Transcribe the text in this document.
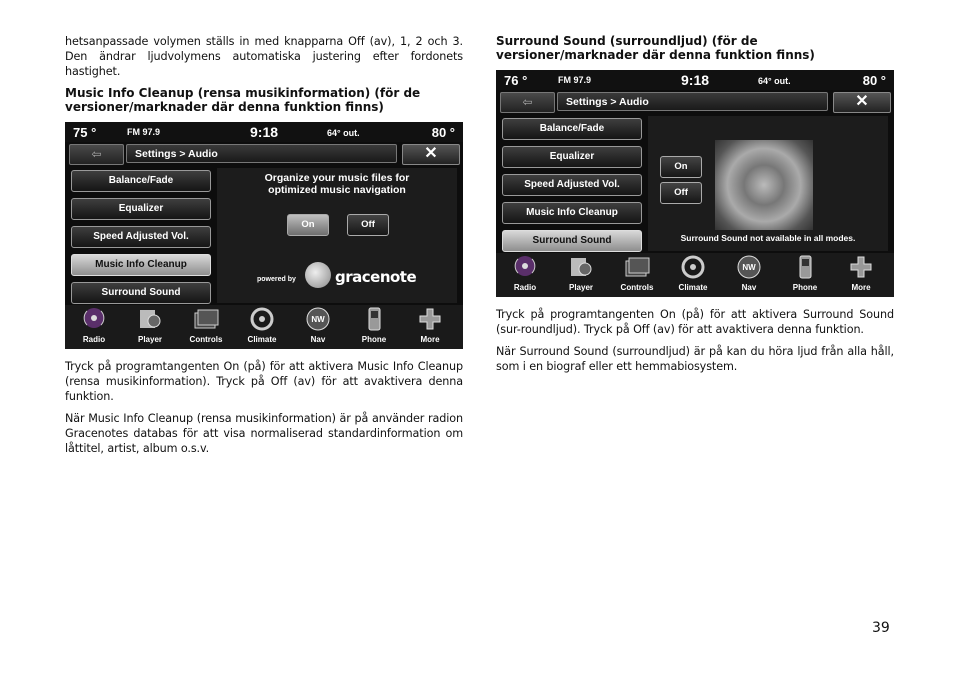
hetsanpassade volymen ställs in med knapparna Off (av), 1, 2 och 3. Den ändrar ljudvolymens automatiska justering efter fordonets hastighet.

Music Info Cleanup (rensa musikinformation) (för de versioner/marknader där denna funktion finns)
75 °	FM 97.9	9:18	64° out.	80 °
⇦	Settings > Audio	✕
Balance/Fade
Equalizer
Speed Adjusted Vol.
Music Info Cleanup
Surround Sound
Organize your music files for optimized music navigation
On	Off
powered by	gracenote
Radio	Player	Controls	Climate
NW
Nav	Phone	More

Tryck på programtangenten On (på) för att aktivera Music Info Cleanup (rensa musikinformation). Tryck på Off (av) för att avaktivera denna funktion.

När Music Info Cleanup (rensa musikinformation) är på använder radion Gracenotes databas för att visa normaliserad standardinformation om låttitel, artist, album o.s.v.

Surround Sound (surroundljud) (för de versioner/marknader där denna funktion finns)
76 °	FM 97.9	9:18	64° out.	80 °
⇦	Settings > Audio	✕
Balance/Fade
Equalizer
Speed Adjusted Vol.
Music Info Cleanup
Surround Sound
On
Off
Surround Sound not available in all modes.
Radio	Player	Controls	Climate
NW
Nav	Phone	More

Tryck på programtangenten On (på) för att aktivera Surround Sound (sur-roundljud). Tryck på Off (av) för att avaktivera denna funktion.

När Surround Sound (surroundljud) är på kan du höra ljud från alla håll, som i en biograf eller ett hemmabiosystem.

39
